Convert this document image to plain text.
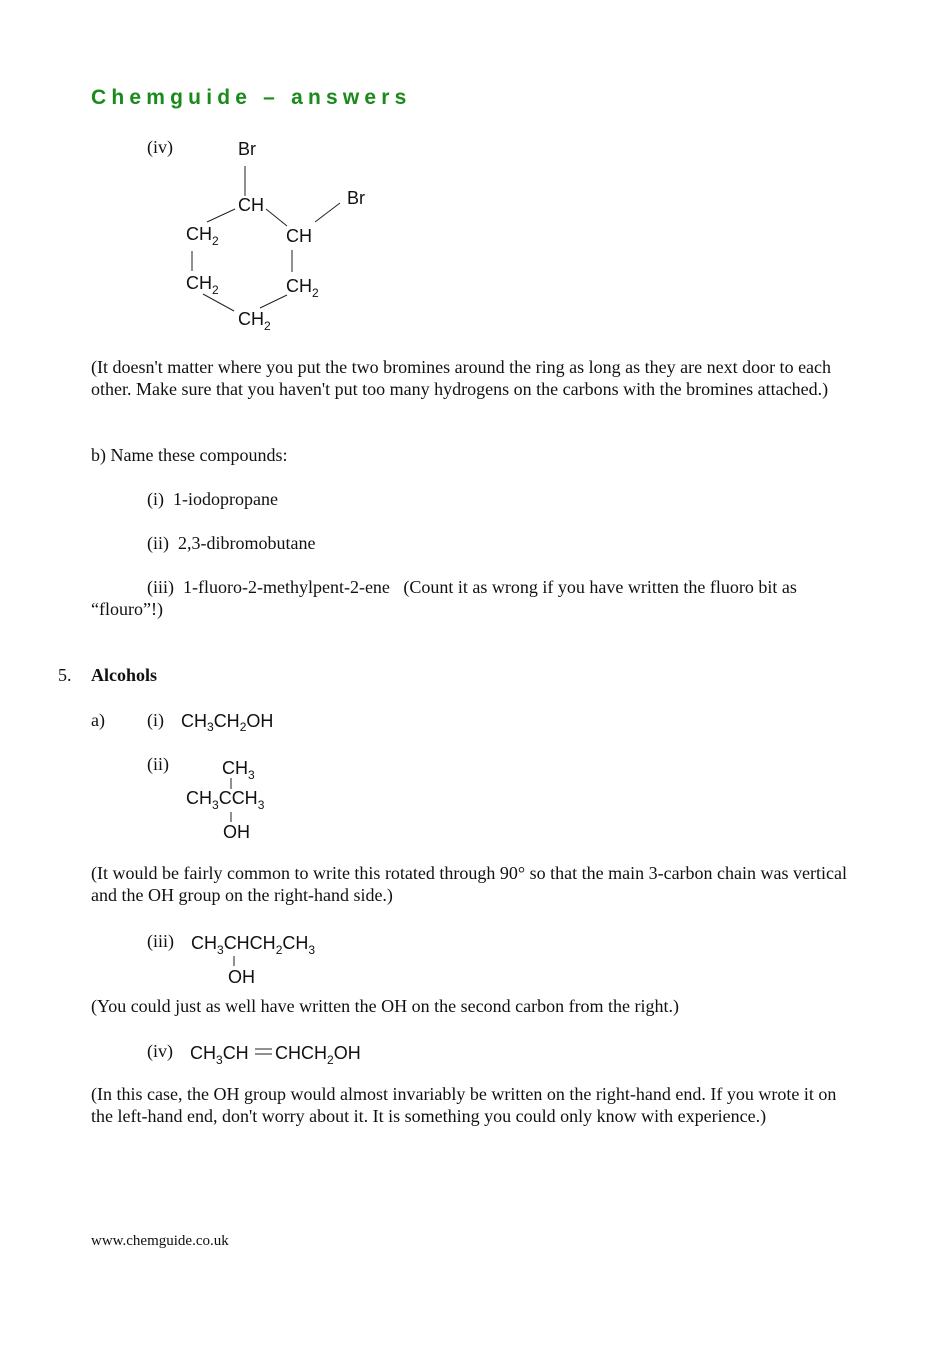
Chemguide – answers
(iv)	Br
CH	Br
CH
$CH_2$
$CH_2$	$CH_2$
$CH_2$
(It doesn't matter where you put the two bromines around the ring as long as they are next door to each other. Make sure that you haven't put too many hydrogens on the carbons with the bromines attached.)
b) Name these compounds:
(i) 1-iodopropane
(ii) 2,3-dibromobutane
(iii) 1-fluoro-2-methylpent-2-ene   (Count it as wrong if you have written the fluoro bit as
“flouro”!)
5. Alcohols
a) (i) $CH_3CH_2OH$
(ii)	$CH_3$
$CH_3CCH_3$
OH
(It would be fairly common to write this rotated through 90° so that the main 3-carbon chain was vertical and the OH group on the right-hand side.)
(iii) $CH_3CHCH_2CH_3$
OH
(You could just as well have written the OH on the second carbon from the right.)
(iv) $CH_3CH$ $CHCH_2OH$
(In this case, the OH group would almost invariably be written on the right-hand end. If you wrote it on the left-hand end, don't worry about it. It is something you could only know with experience.)
www.chemguide.co.uk
